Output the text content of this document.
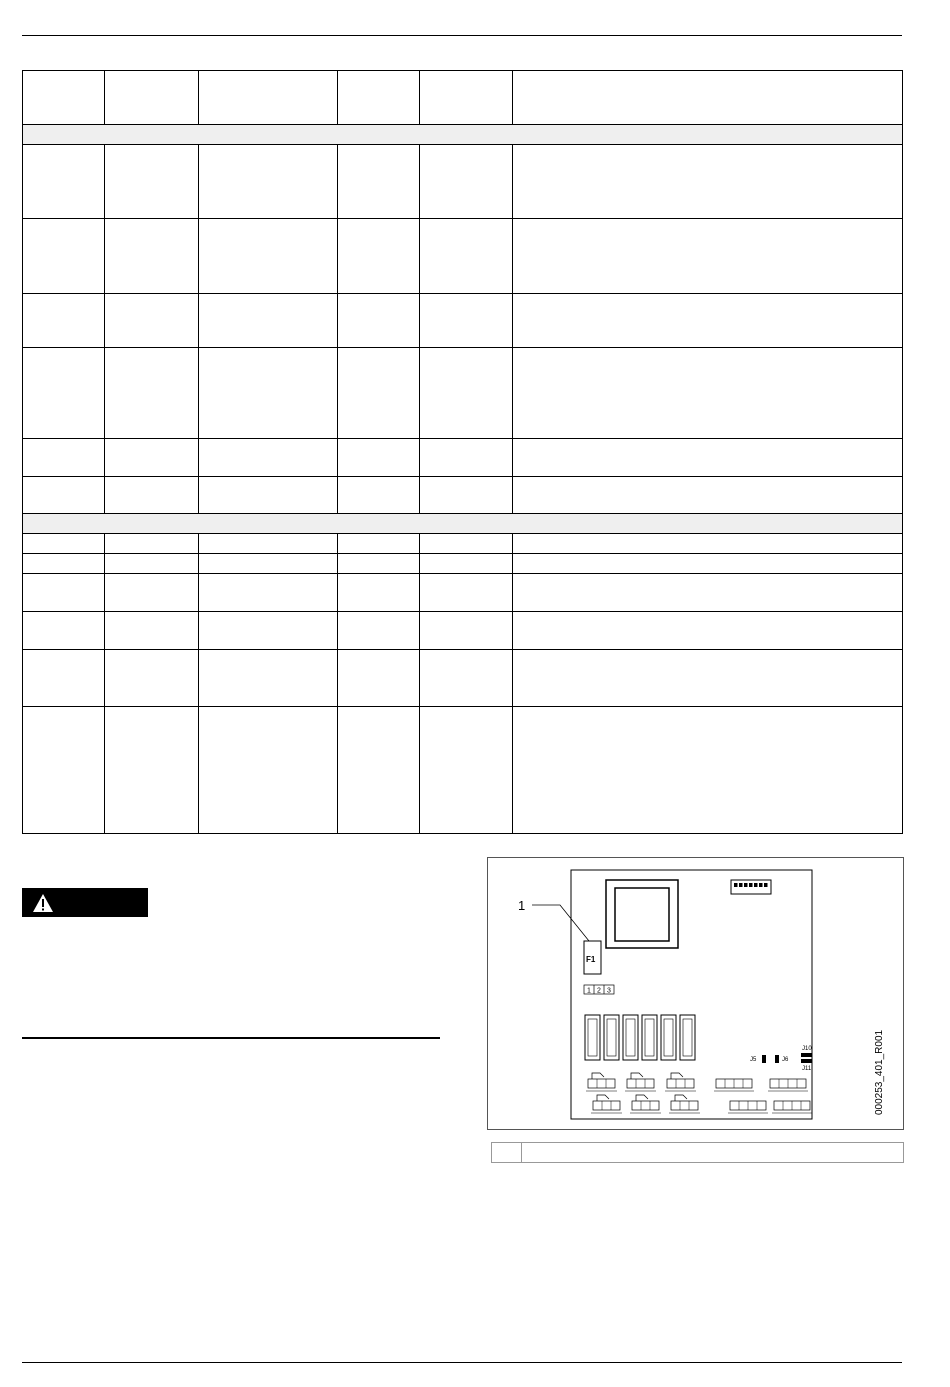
1
F1
1 2 3
J5	J6
J10
J11	000253_401_R001
